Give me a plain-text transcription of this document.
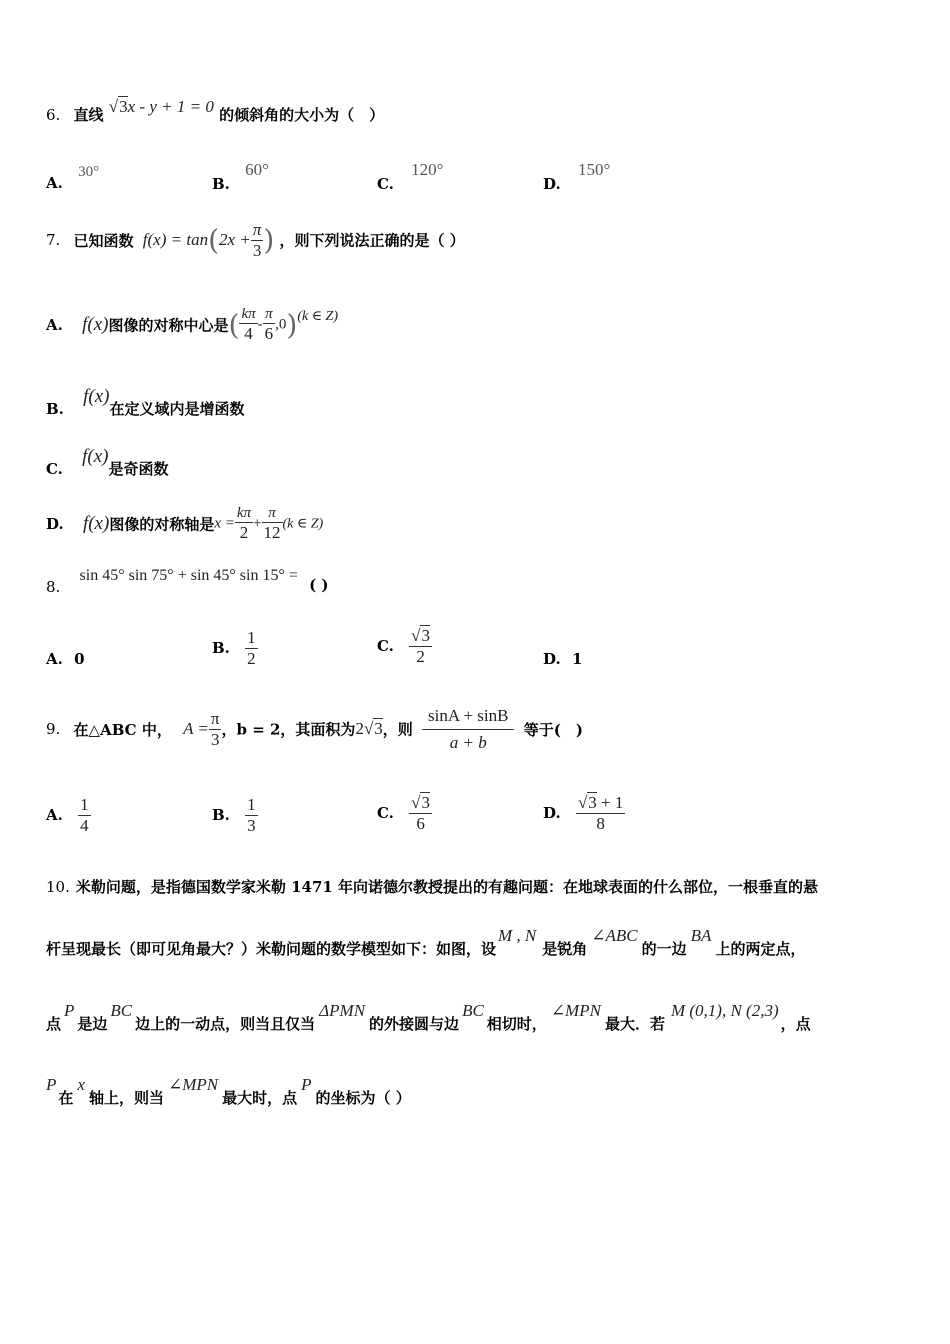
6. 直线 √3x - y + 1 = 0 的倾斜角的大小为（　）
A. 30°
B. 60°
C. 120°
D. 150°
7. 已知函数 $f(x) = \tan(2x + \frac{\pi}{3}$ ) ，则下列说法正确的是（ ）
A. f(x)图像的对称中心是( $\frac{k\pi}{4} - \frac{\pi}{6} ,0)(k$ ∈ Z)
B. f(x)在定义域内是增函数
C. f(x)是奇函数
D. f(x)图像的对称轴是$x = \frac{k\pi}{2} + \frac{\pi}{12} (k$ ∈ Z)
8. sin 45° sin 75° + sin 45° sin 15° = ( )
A. 0
B. $\frac{1}{2}$	C. $\frac{√3}{2}$	D. 1
9. 在△ABC 中， $A = \frac{\pi}{3}$ ，b = 2，其面积为2√3，则 $\frac{\sin A + \sin B}{a + b}$ 等于(　)
A. $\frac{1}{4}$	B. $\frac{1}{3}$	C. $\frac{√3}{6}$	D. $\frac{√3 + 1}{8}$
10. 米勒问题，是指德国数学家米勒 1471 年向诺德尔教授提出的有趣问题：在地球表面的什么部位，一根垂直的悬
杆呈现最长（即可见角最大？）米勒问题的数学模型如下：如图，设M , N是锐角∠ABC的一边BA上的两定点，
点P是边BC边上的一动点，则当且仅当ΔPMN的外接圆与边BC相切时，∠MPN最大．若M (0,1), N (2,3)，点
P在x轴上，则当∠MPN最大时，点P的坐标为（ ）
